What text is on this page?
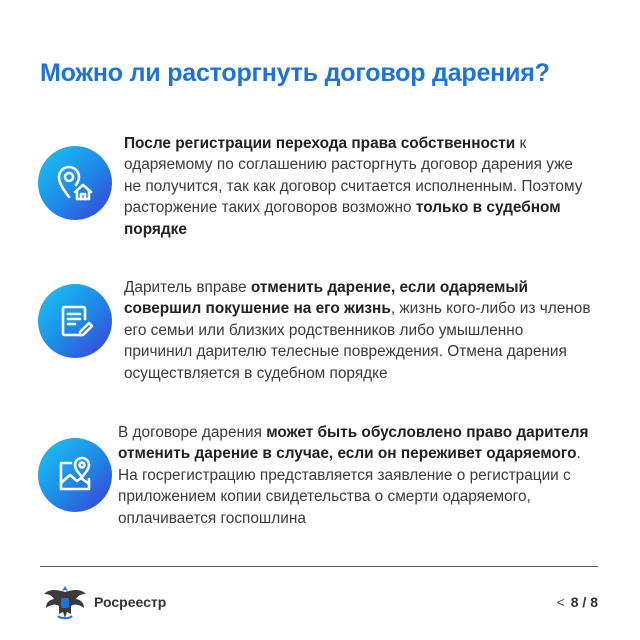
Можно ли расторгнуть договор дарения?

После регистрации перехода права собственности к одаряемому по соглашению расторгнуть договор дарения уже не получится, так как договор считается исполненным. Поэтому расторжение таких договоров возможно только в судебном порядке

Даритель вправе отменить дарение, если одаряемый совершил покушение на его жизнь, жизнь кого-либо из членов его семьи или близких родственников либо умышленно причинил дарителю телесные повреждения. Отмена дарения осуществляется в судебном порядке

В договоре дарения может быть обусловлено право дарителя отменить дарение в случае, если он переживет одаряемого. На госрегистрацию представляется заявление о регистрации с приложением копии свидетельства о смерти одаряемого, оплачивается госпошлина

Росреестр	< 8 / 8
